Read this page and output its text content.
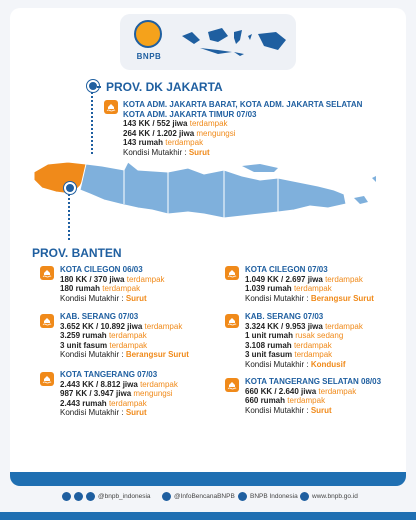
BNPB
PROV. DK JAKARTA
KOTA ADM. JAKARTA BARAT, KOTA ADM. JAKARTA SELATAN
KOTA ADM. JAKARTA TIMUR 07/03
143 KK / 552 jiwa terdampak
264 KK / 1.202 jiwa mengungsi
143 rumah terdampak
Kondisi Mutakhir : Surut
PROV. BANTEN
KOTA CILEGON 06/03
180 KK / 370 jiwa terdampak
180 rumah terdampak
Kondisi Mutakhir : Surut
KOTA CILEGON 07/03
1.049 KK / 2.697 jiwa terdampak
1.039 rumah terdampak
Kondisi Mutakhir : Berangsur Surut
KAB. SERANG 07/03
3.652 KK / 10.892 jiwa terdampak
3.259 rumah terdampak
3 unit fasum terdampak
Kondisi Mutakhir : Berangsur Surut
KAB. SERANG 07/03
3.324 KK / 9.953 jiwa terdampak
1 unit rumah rusak sedang
3.108 rumah terdampak
3 unit fasum terdampak
Kondisi Mutakhir : Kondusif
KOTA TANGERANG 07/03
2.443 KK / 8.812 jiwa terdampak
987 KK / 3.947 jiwa mengungsi
2.443 rumah terdampak
Kondisi Mutakhir : Surut
KOTA TANGERANG SELATAN 08/03
660 KK / 2.640 jiwa terdampak
660 rumah terdampak
Kondisi Mutakhir : Surut
@bnpb_indonesia	@InfoBencanaBNPB BNPB Indonesia www.bnpb.go.id
